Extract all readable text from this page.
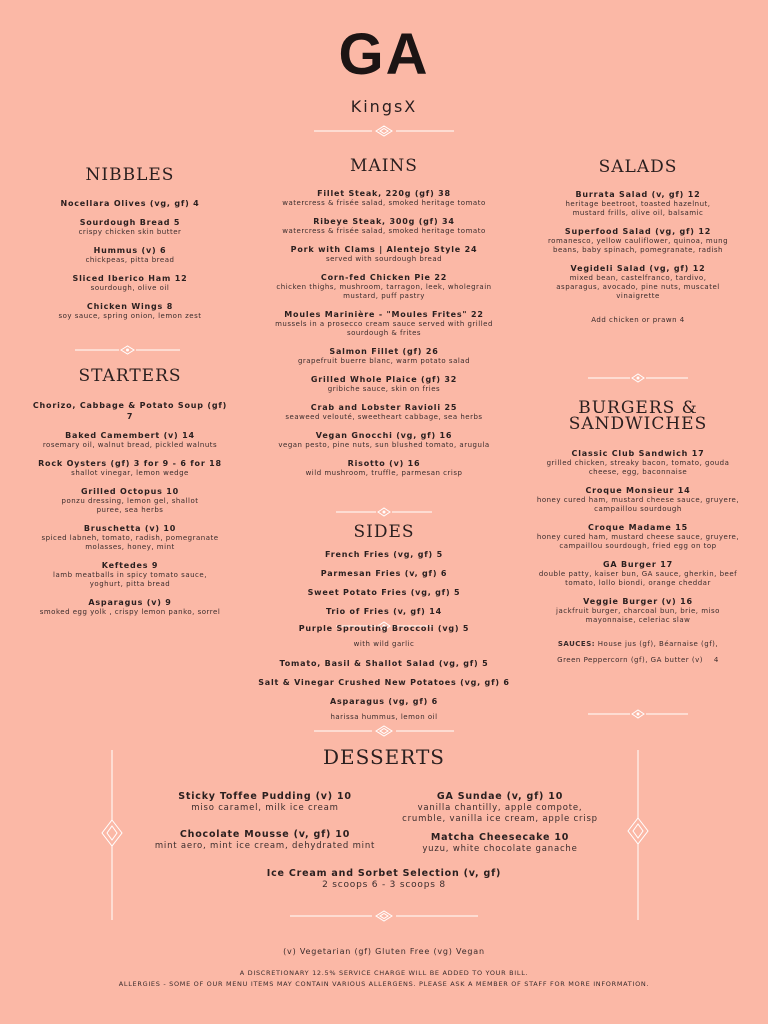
GA
KingsX
NIBBLES
Nocellara Olives (vg, gf) 4
Sourdough Bread 5
crispy chicken skin butter
Hummus (v) 6
chickpeas, pitta bread
Sliced Iberico Ham 12
sourdough, olive oil
Chicken Wings 8
soy sauce, spring onion, lemon zest
STARTERS
Chorizo, Cabbage & Potato Soup (gf) 7
Baked Camembert (v) 14
rosemary oil, walnut bread, pickled walnuts
Rock Oysters (gf) 3 for 9 - 6 for 18
shallot vinegar, lemon wedge
Grilled Octopus 10
ponzu dressing, lemon gel, shallot puree, sea herbs
Bruschetta (v) 10
spiced labneh, tomato, radish, pomegranate molasses, honey, mint
Keftedes 9
lamb meatballs in spicy tomato sauce, yoghurt, pitta bread
Asparagus (v) 9
smoked egg yolk , crispy lemon panko, sorrel
MAINS
Fillet Steak, 220g (gf) 38
watercress & frisée salad, smoked heritage tomato
Ribeye Steak, 300g (gf) 34
watercress & frisée salad, smoked heritage tomato
Pork with Clams | Alentejo Style 24
served with sourdough bread
Corn-fed Chicken Pie 22
chicken thighs, mushroom, tarragon, leek, wholegrain mustard, puff pastry
Moules Marinière - "Moules Frites" 22
mussels in a prosecco cream sauce served with grilled sourdough & frites
Salmon Fillet (gf) 26
grapefruit buerre blanc, warm potato salad
Grilled Whole Plaice (gf) 32
gribiche sauce, skin on fries
Crab and Lobster Ravioli 25
seaweed velouté, sweetheart cabbage, sea herbs
Vegan Gnocchi (vg, gf) 16
vegan pesto, pine nuts, sun blushed tomato, arugula
Risotto (v) 16
wild mushroom, truffle, parmesan crisp
SIDES
French Fries (vg, gf) 5
Parmesan Fries (v, gf) 6
Sweet Potato Fries (vg, gf) 5
Trio of Fries (v, gf) 14
Purple Sprouting Broccoli (vg) 5
with wild garlic
Tomato, Basil & Shallot Salad (vg, gf) 5
Salt & Vinegar Crushed New Potatoes (vg, gf) 6
Asparagus (vg, gf) 6
harissa hummus, lemon oil
SALADS
Burrata Salad (v, gf) 12
heritage beetroot, toasted hazelnut, mustard frills, olive oil, balsamic
Superfood Salad (vg, gf) 12
romanesco, yellow cauliflower, quinoa, mung beans, baby spinach, pomegranate, radish
Vegideli Salad (vg, gf) 12
mixed bean, castelfranco, tardivo, asparagus, avocado, pine nuts, muscatel vinaigrette
Add chicken or prawn 4
BURGERS &
SANDWICHES
Classic Club Sandwich 17
grilled chicken, streaky bacon, tomato, gouda cheese, egg, baconnaise
Croque Monsieur 14
honey cured ham, mustard cheese sauce, gruyere, campaillou sourdough
Croque Madame 15
honey cured ham, mustard cheese sauce, gruyere, campaillou sourdough, fried egg on top
GA Burger 17
double patty, kaiser bun, GA sauce, gherkin, beef tomato, lollo biondi, orange cheddar
Veggie Burger (v) 16
jackfruit burger, charcoal bun, brie, miso mayonnaise, celeriac slaw
SAUCES: House jus (gf), Béarnaise (gf),
Green Peppercorn (gf), GA butter (v) 4
DESSERTS
Sticky Toffee Pudding (v) 10
miso caramel, milk ice cream
Chocolate Mousse (v, gf) 10
mint aero, mint ice cream, dehydrated mint
GA Sundae (v, gf) 10
vanilla chantilly, apple compote, crumble, vanilla ice cream, apple crisp
Matcha Cheesecake 10
yuzu, white chocolate ganache
Ice Cream and Sorbet Selection (v, gf)
2 scoops 6 - 3 scoops 8
(v) Vegetarian (gf) Gluten Free (vg) Vegan
A DISCRETIONARY 12.5% SERVICE CHARGE WILL BE ADDED TO YOUR BILL.
ALLERGIES - SOME OF OUR MENU ITEMS MAY CONTAIN VARIOUS ALLERGENS. PLEASE ASK A MEMBER OF STAFF FOR MORE INFORMATION.
